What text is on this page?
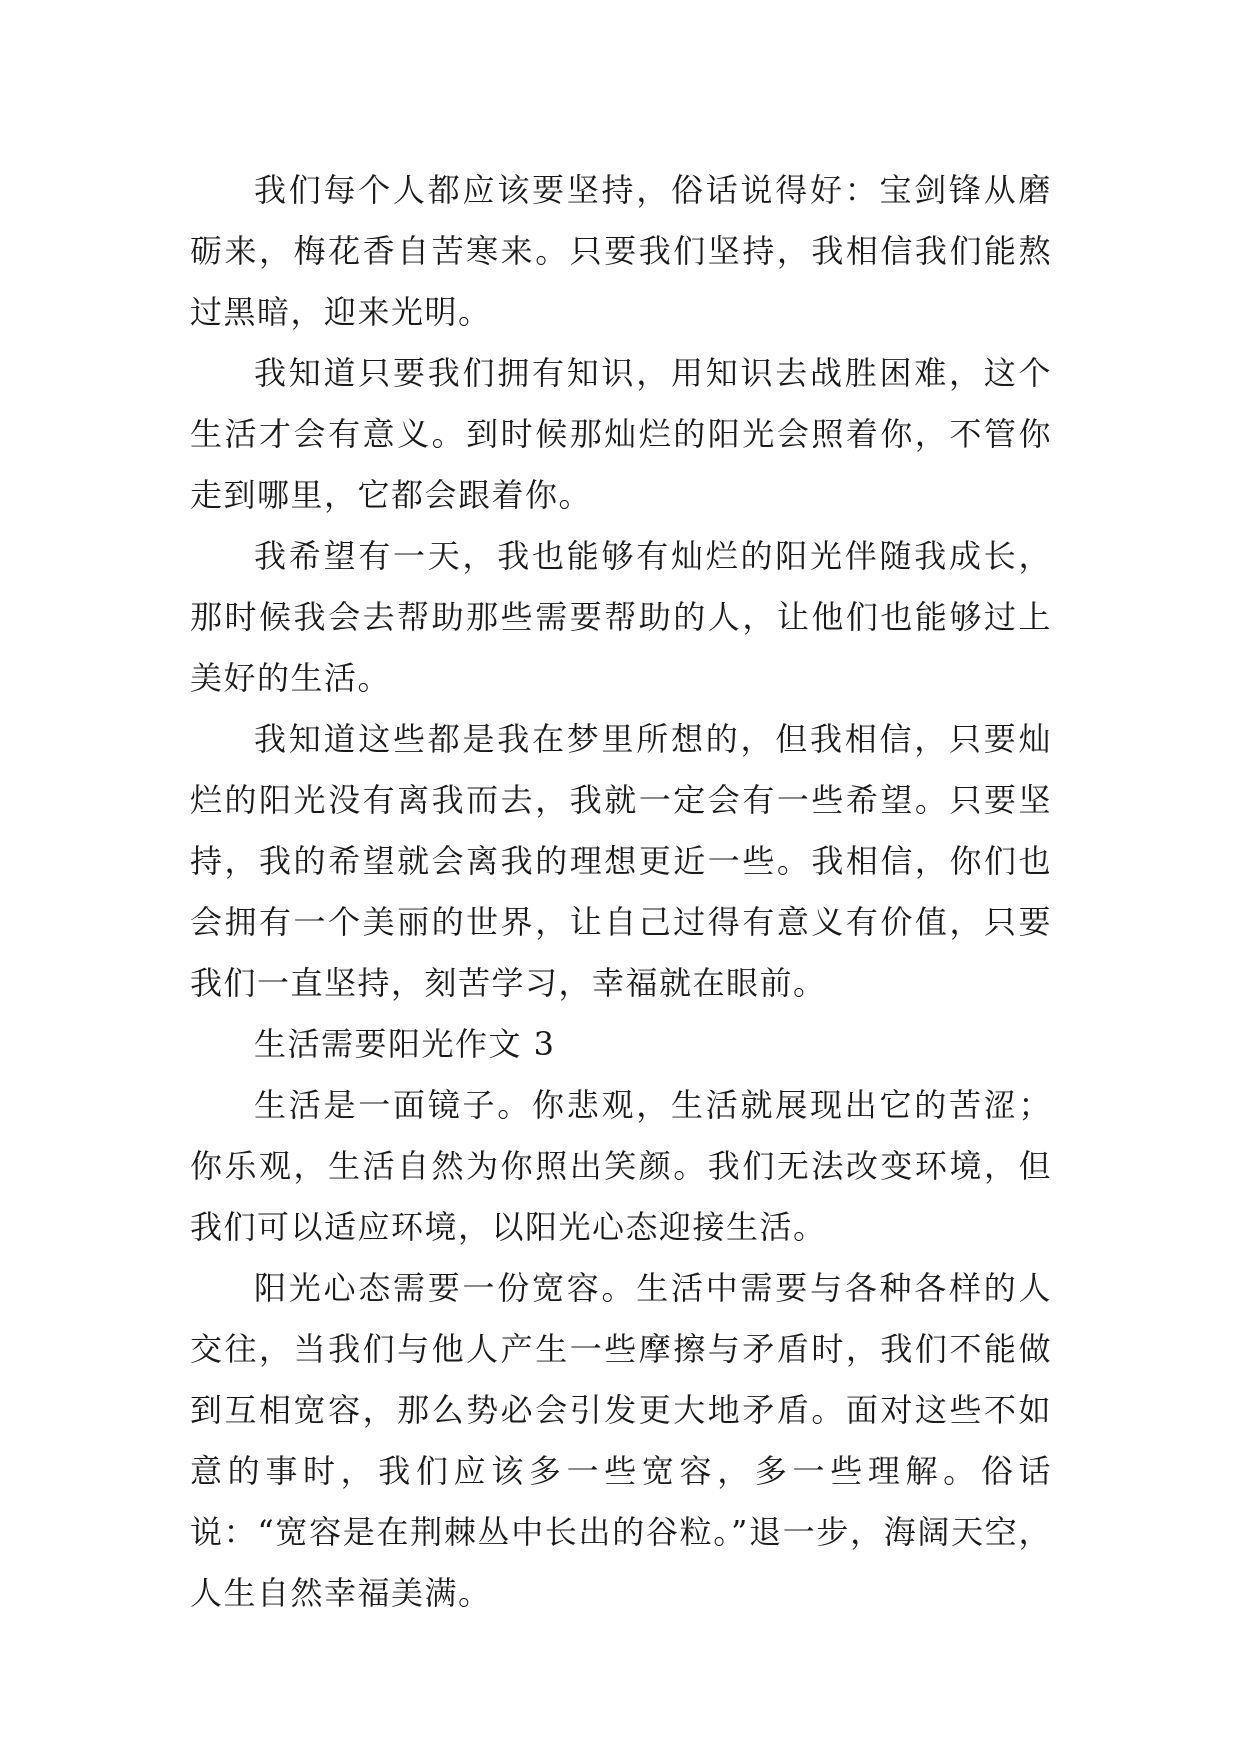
我们每个人都应该要坚持，俗话说得好：宝剑锋从磨砺来，梅花香自苦寒来。只要我们坚持，我相信我们能熬过黑暗，迎来光明。

我知道只要我们拥有知识，用知识去战胜困难，这个生活才会有意义。到时候那灿烂的阳光会照着你，不管你走到哪里，它都会跟着你。

我希望有一天，我也能够有灿烂的阳光伴随我成长，那时候我会去帮助那些需要帮助的人，让他们也能够过上美好的生活。

我知道这些都是我在梦里所想的，但我相信，只要灿烂的阳光没有离我而去，我就一定会有一些希望。只要坚持，我的希望就会离我的理想更近一些。我相信，你们也会拥有一个美丽的世界，让自己过得有意义有价值，只要我们一直坚持，刻苦学习，幸福就在眼前。

生活需要阳光作文 3

生活是一面镜子。你悲观，生活就展现出它的苦涩；你乐观，生活自然为你照出笑颜。我们无法改变环境，但我们可以适应环境，以阳光心态迎接生活。

阳光心态需要一份宽容。生活中需要与各种各样的人交往，当我们与他人产生一些摩擦与矛盾时，我们不能做到互相宽容，那么势必会引发更大地矛盾。面对这些不如意的事时，我们应该多一些宽容，多一些理解。俗话说：“宽容是在荆棘丛中长出的谷粒。”退一步，海阔天空，人生自然幸福美满。
